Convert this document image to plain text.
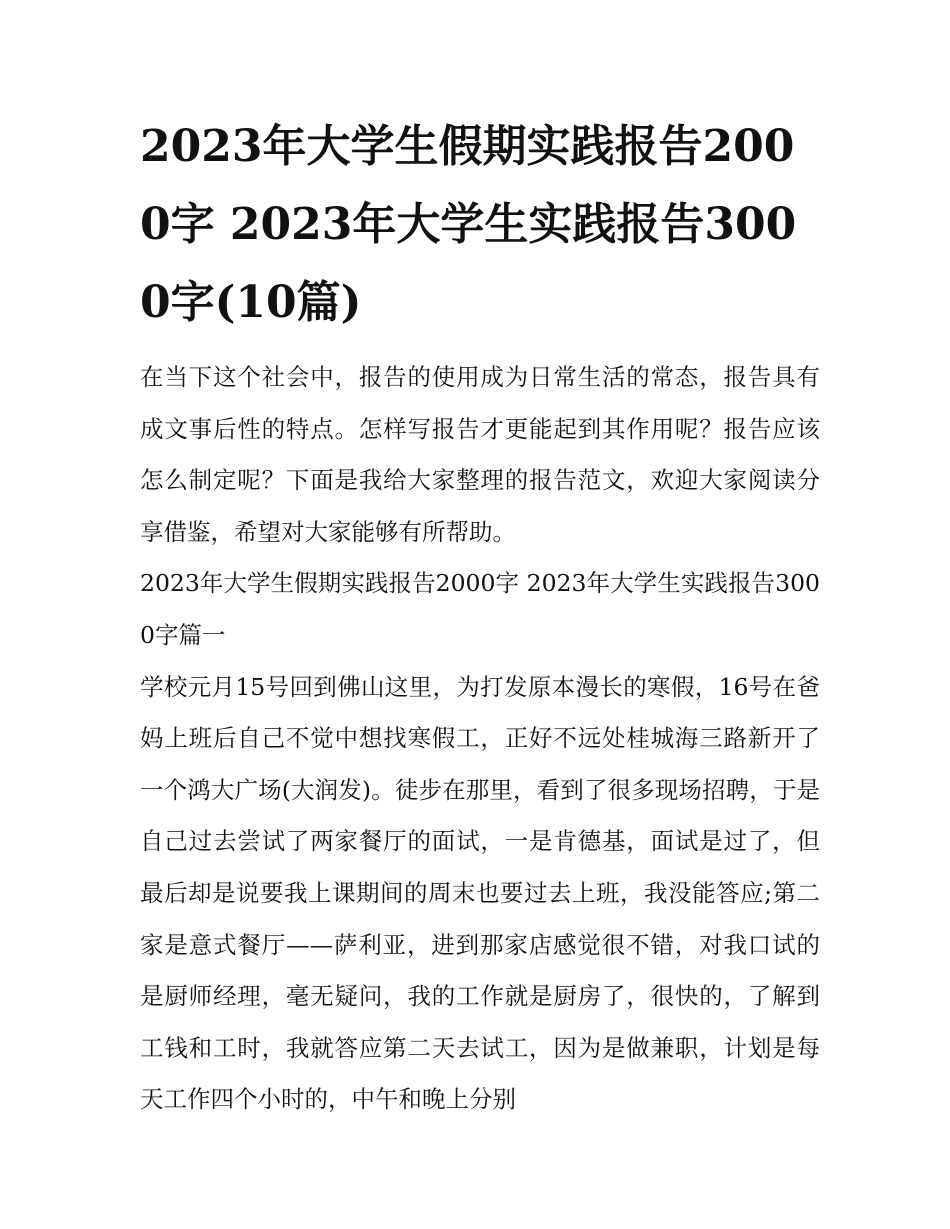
2023年大学生假期实践报告2000字 2023年大学生实践报告3000字(10篇)

在当下这个社会中，报告的使用成为日常生活的常态，报告具有成文事后性的特点。怎样写报告才更能起到其作用呢？报告应该怎么制定呢？下面是我给大家整理的报告范文，欢迎大家阅读分享借鉴，希望对大家能够有所帮助。

2023年大学生假期实践报告2000字 2023年大学生实践报告3000字篇一

学校元月15号回到佛山这里，为打发原本漫长的寒假，16号在爸妈上班后自己不觉中想找寒假工，正好不远处桂城海三路新开了一个鸿大广场(大润发)。徒步在那里，看到了很多现场招聘，于是自己过去尝试了两家餐厅的面试，一是肯德基，面试是过了，但最后却是说要我上课期间的周末也要过去上班，我没能答应;第二家是意式餐厅——萨利亚，进到那家店感觉很不错，对我口试的是厨师经理，毫无疑问，我的工作就是厨房了，很快的，了解到工钱和工时，我就答应第二天去试工，因为是做兼职，计划是每天工作四个小时的，中午和晚上分别
